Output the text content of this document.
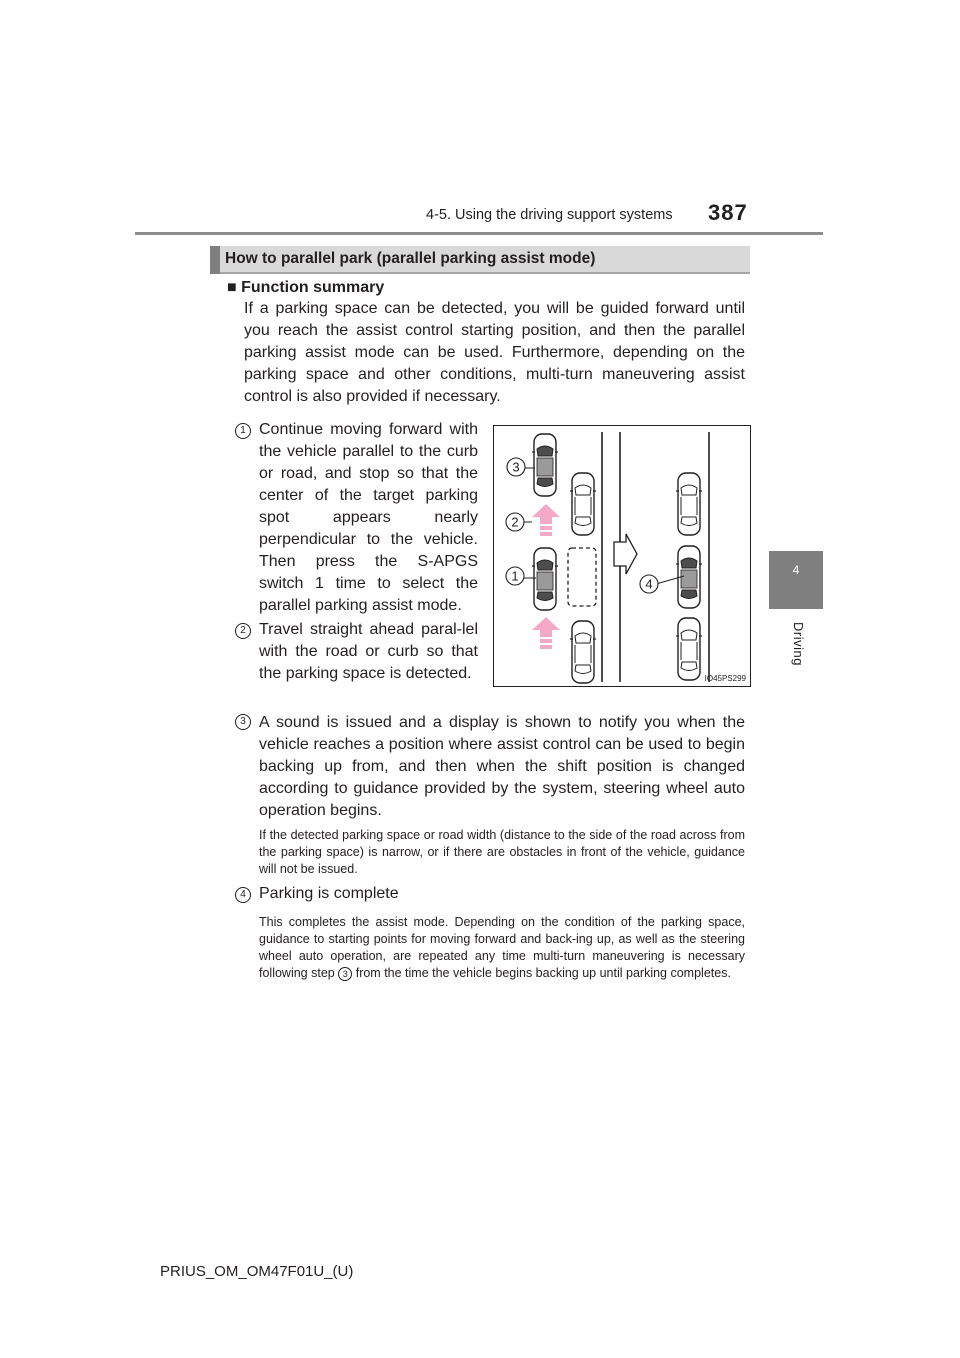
4-5. Using the driving support systems 387
4
Driving
How to parallel park (parallel parking assist mode)
■ Function summary
If a parking space can be detected, you will be guided forward until you reach the assist control starting position, and then the parallel parking assist mode can be used. Furthermore, depending on the parking space and other conditions, multi-turn maneuvering assist control is also provided if necessary.
1 Continue moving forward with the vehicle parallel to the curb or road, and stop so that the center of the target parking spot appears nearly perpendicular to the vehicle. Then press the S-APGS switch 1 time to select the parallel parking assist mode.
2 Travel straight ahead paral-lel with the road or curb so that the parking space is detected.
3 A sound is issued and a display is shown to notify you when the vehicle reaches a position where assist control can be used to begin backing up from, and then when the shift position is changed according to guidance provided by the system, steering wheel auto operation begins.
If the detected parking space or road width (distance to the side of the road across from the parking space) is narrow, or if there are obstacles in front of the vehicle, guidance will not be issued.
4 Parking is complete
This completes the assist mode. Depending on the condition of the parking space, guidance to starting points for moving forward and back-ing up, as well as the steering wheel auto operation, are repeated any time multi-turn maneuvering is necessary following step 3 from the time the vehicle begins backing up until parking completes.
3
2
1
4
IO45PS299
PRIUS_OM_OM47F01U_(U)
